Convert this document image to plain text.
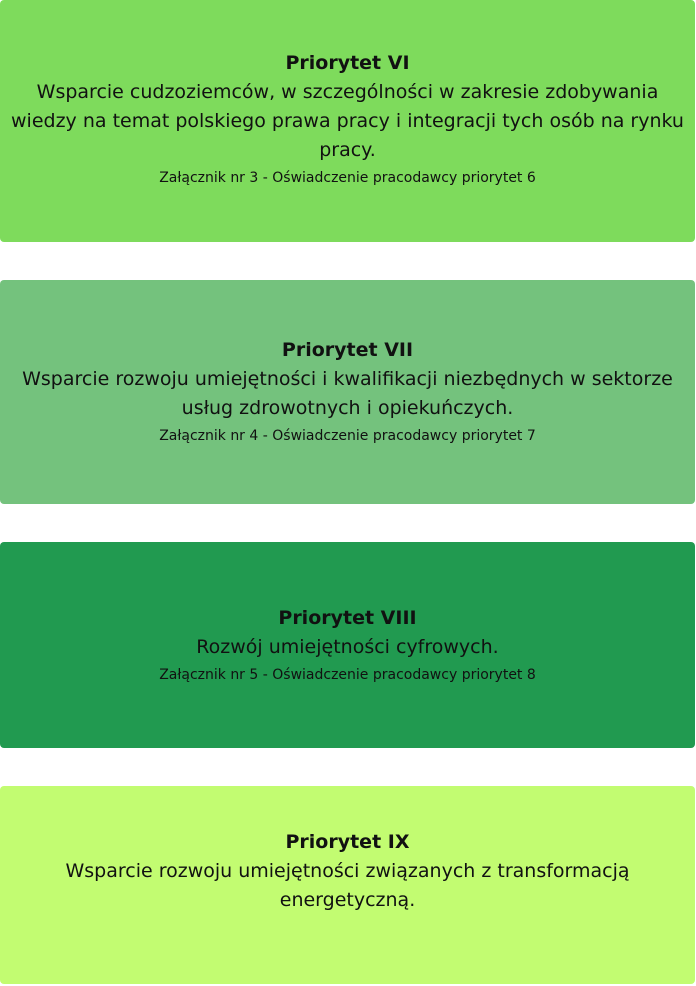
Priorytet VI
Wsparcie cudzoziemców, w szczególności w zakresie zdobywania wiedzy na temat polskiego prawa pracy i integracji tych osób na rynku pracy.
Załącznik nr 3 - Oświadczenie pracodawcy priorytet 6
Priorytet VII
Wsparcie rozwoju umiejętności i kwalifikacji niezbędnych w sektorze usług zdrowotnych i opiekuńczych.
Załącznik nr 4 - Oświadczenie pracodawcy priorytet 7
Priorytet VIII
Rozwój umiejętności cyfrowych.
Załącznik nr 5 - Oświadczenie pracodawcy priorytet 8
Priorytet IX
Wsparcie rozwoju umiejętności związanych z transformacją energetyczną.
